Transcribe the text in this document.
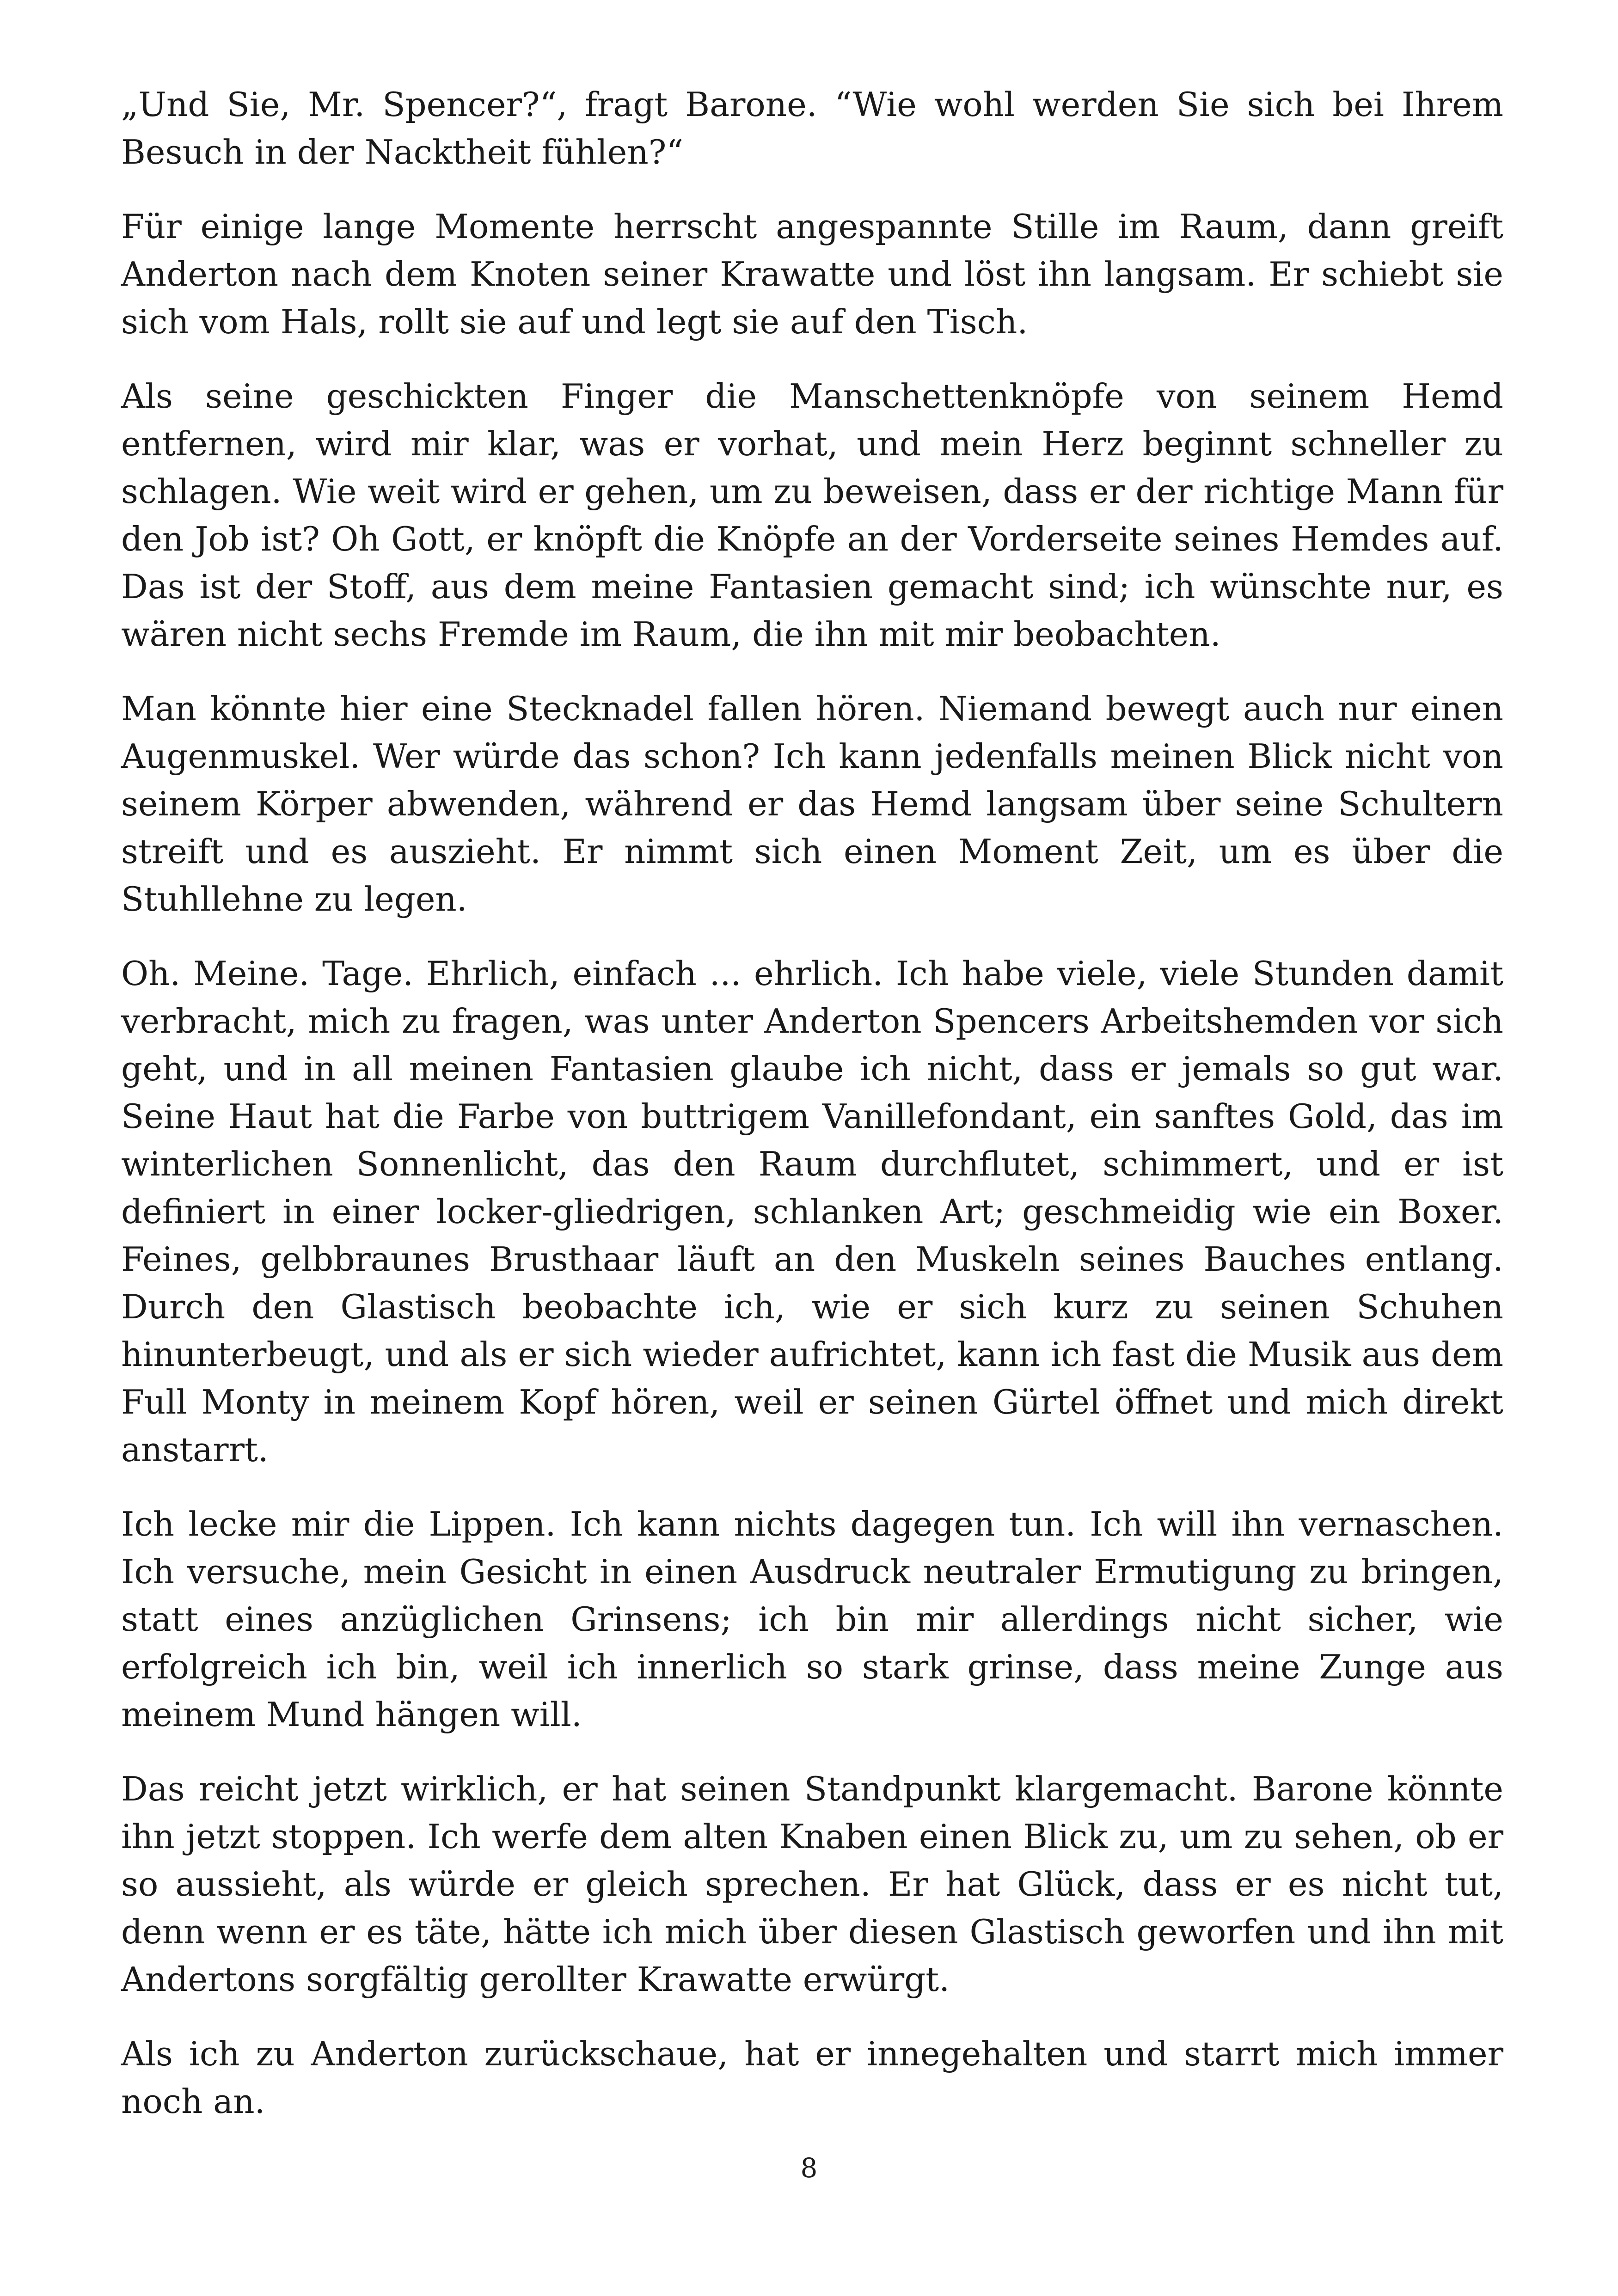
„Und Sie, Mr. Spencer?“, fragt Barone. “Wie wohl werden Sie sich bei Ihrem Besuch in der Nacktheit fühlen?“

Für einige lange Momente herrscht angespannte Stille im Raum, dann greift Anderton nach dem Knoten seiner Krawatte und löst ihn langsam. Er schiebt sie sich vom Hals, rollt sie auf und legt sie auf den Tisch.

Als seine geschickten Finger die Manschettenknöpfe von seinem Hemd entfernen, wird mir klar, was er vorhat, und mein Herz beginnt schneller zu schlagen. Wie weit wird er gehen, um zu beweisen, dass er der richtige Mann für den Job ist? Oh Gott, er knöpft die Knöpfe an der Vorderseite seines Hemdes auf. Das ist der Stoff, aus dem meine Fantasien gemacht sind; ich wünschte nur, es wären nicht sechs Fremde im Raum, die ihn mit mir beobachten.

Man könnte hier eine Stecknadel fallen hören. Niemand bewegt auch nur einen Augenmuskel. Wer würde das schon? Ich kann jedenfalls meinen Blick nicht von seinem Körper abwenden, während er das Hemd langsam über seine Schultern streift und es auszieht. Er nimmt sich einen Moment Zeit, um es über die Stuhllehne zu legen.

Oh. Meine. Tage. Ehrlich, einfach ... ehrlich. Ich habe viele, viele Stunden damit verbracht, mich zu fragen, was unter Anderton Spencers Arbeitshemden vor sich geht, und in all meinen Fantasien glaube ich nicht, dass er jemals so gut war. Seine Haut hat die Farbe von buttrigem Vanillefondant, ein sanftes Gold, das im winterlichen Sonnenlicht, das den Raum durchflutet, schimmert, und er ist definiert in einer locker-gliedrigen, schlanken Art; geschmeidig wie ein Boxer. Feines, gelbbraunes Brusthaar läuft an den Muskeln seines Bauches entlang. Durch den Glastisch beobachte ich, wie er sich kurz zu seinen Schuhen hinunterbeugt, und als er sich wieder aufrichtet, kann ich fast die Musik aus dem Full Monty in meinem Kopf hören, weil er seinen Gürtel öffnet und mich direkt anstarrt.

Ich lecke mir die Lippen. Ich kann nichts dagegen tun. Ich will ihn vernaschen. Ich versuche, mein Gesicht in einen Ausdruck neutraler Ermutigung zu bringen, statt eines anzüglichen Grinsens; ich bin mir allerdings nicht sicher, wie erfolgreich ich bin, weil ich innerlich so stark grinse, dass meine Zunge aus meinem Mund hängen will.

Das reicht jetzt wirklich, er hat seinen Standpunkt klargemacht. Barone könnte ihn jetzt stoppen. Ich werfe dem alten Knaben einen Blick zu, um zu sehen, ob er so aussieht, als würde er gleich sprechen. Er hat Glück, dass er es nicht tut, denn wenn er es täte, hätte ich mich über diesen Glastisch geworfen und ihn mit Andertons sorgfältig gerollter Krawatte erwürgt.

Als ich zu Anderton zurückschaue, hat er innegehalten und starrt mich immer noch an.

8
